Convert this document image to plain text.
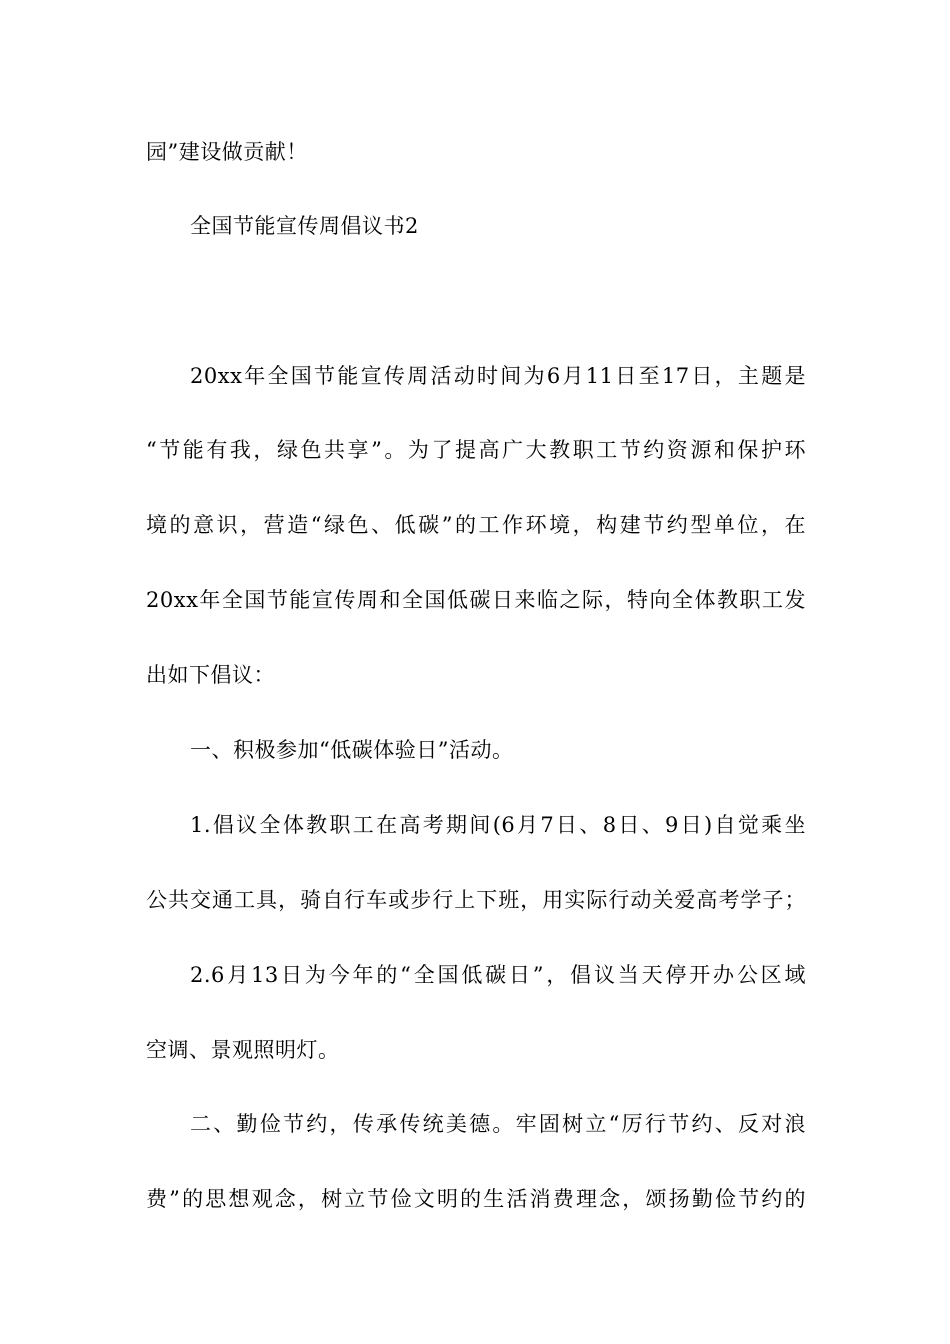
园”建设做贡献！
全国节能宣传周倡议书2
20xx年全国节能宣传周活动时间为6月11日至17日，主题是
“节能有我，绿色共享”。为了提高广大教职工节约资源和保护环
境的意识，营造“绿色、低碳”的工作环境，构建节约型单位，在
20xx年全国节能宣传周和全国低碳日来临之际，特向全体教职工发
出如下倡议：
一、积极参加“低碳体验日”活动。
1.倡议全体教职工在高考期间(6月7日、8日、9日)自觉乘坐
公共交通工具，骑自行车或步行上下班，用实际行动关爱高考学子；
2.6月13日为今年的“全国低碳日”，倡议当天停开办公区域
空调、景观照明灯。
二、勤俭节约，传承传统美德。牢固树立“厉行节约、反对浪
费”的思想观念，树立节俭文明的生活消费理念，颂扬勤俭节约的
